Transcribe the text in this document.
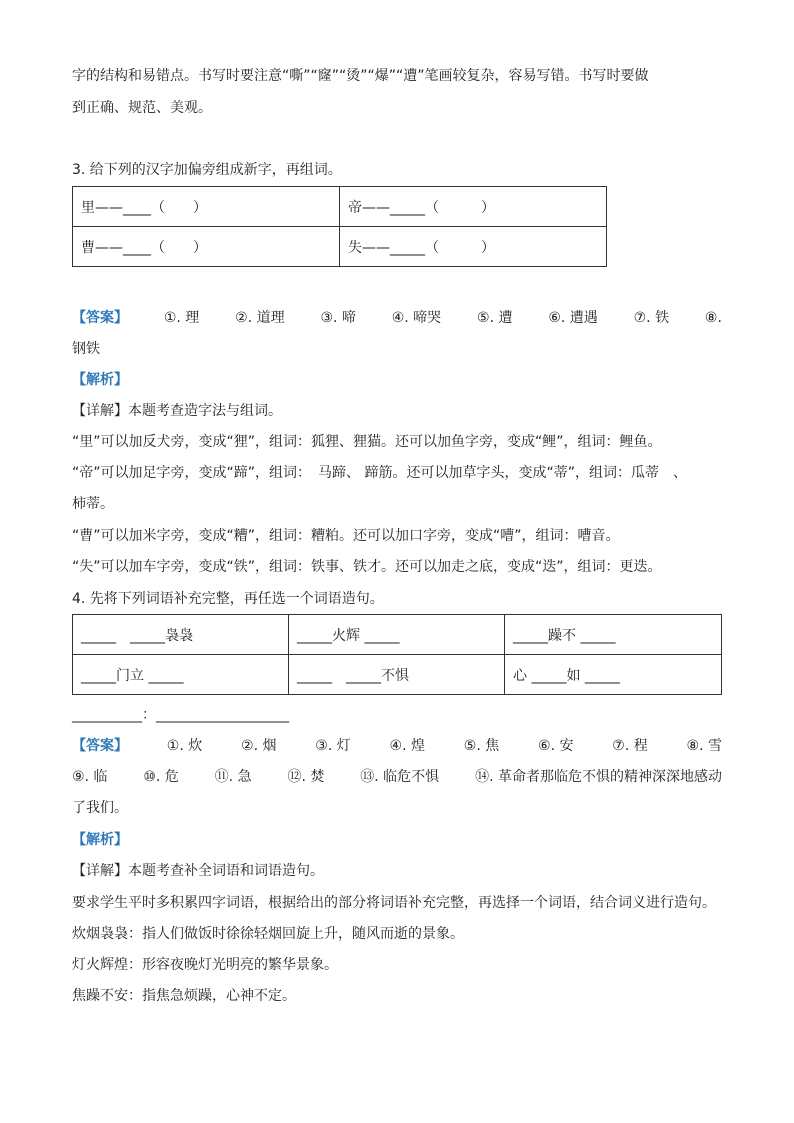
字的结构和易错点。书写时要注意“嘶”“窿”“烫”“爆”“遭”笔画较复杂，容易写错。书写时要做
到正确、规范、美观。
3. 给下列的汉字加偏旁组成新字，再组词。
里——____（　　）	帝——_____（　　　）
曹——____（　　）	失——_____（　　　）
【答案】	①. 理	②. 道理	③. 啼	④. 啼哭	⑤. 遭	⑥. 遭遇	⑦. 铁	⑧.
钢铁
【解析】
【详解】本题考查造字法与组词。
“里”可以加反犬旁，变成“狸”，组词：狐狸、狸猫。还可以加鱼字旁，变成“鲤”，组词：鲤鱼。
“帝”可以加足字旁，变成“蹄”，组词：　马蹄、 蹄筋。还可以加草字头，变成“蒂”，组词：瓜蒂　、
柿蒂。
“曹”可以加米字旁，变成“糟”，组词：糟粕。还可以加口字旁，变成“嘈”，组词：嘈音。
“失”可以加车字旁，变成“铁”，组词：铁事、铁才。还可以加走之底，变成“迭”，组词：更迭。
4. 先将下列词语补充完整，再任选一个词语造句。
_____　_____袅袅	_____火辉 _____	_____躁不 _____
_____门立 _____	_____　_____不惧	心 _____如 _____
__________：___________________
【答案】	①. 炊	②. 烟	③. 灯	④. 煌	⑤. 焦	⑥. 安	⑦. 程	⑧. 雪
⑨. 临	⑩. 危	⑪. 急	⑫. 焚	⑬. 临危不惧	⑭. 革命者那临危不惧的精神深深地感动
了我们。
【解析】
【详解】本题考查补全词语和词语造句。
要求学生平时多积累四字词语，根据给出的部分将词语补充完整，再选择一个词语，结合词义进行造句。
炊烟袅袅：指人们做饭时徐徐轻烟回旋上升，随风而逝的景象。
灯火辉煌：形容夜晚灯光明亮的繁华景象。
焦躁不安：指焦急烦躁，心神不定。
